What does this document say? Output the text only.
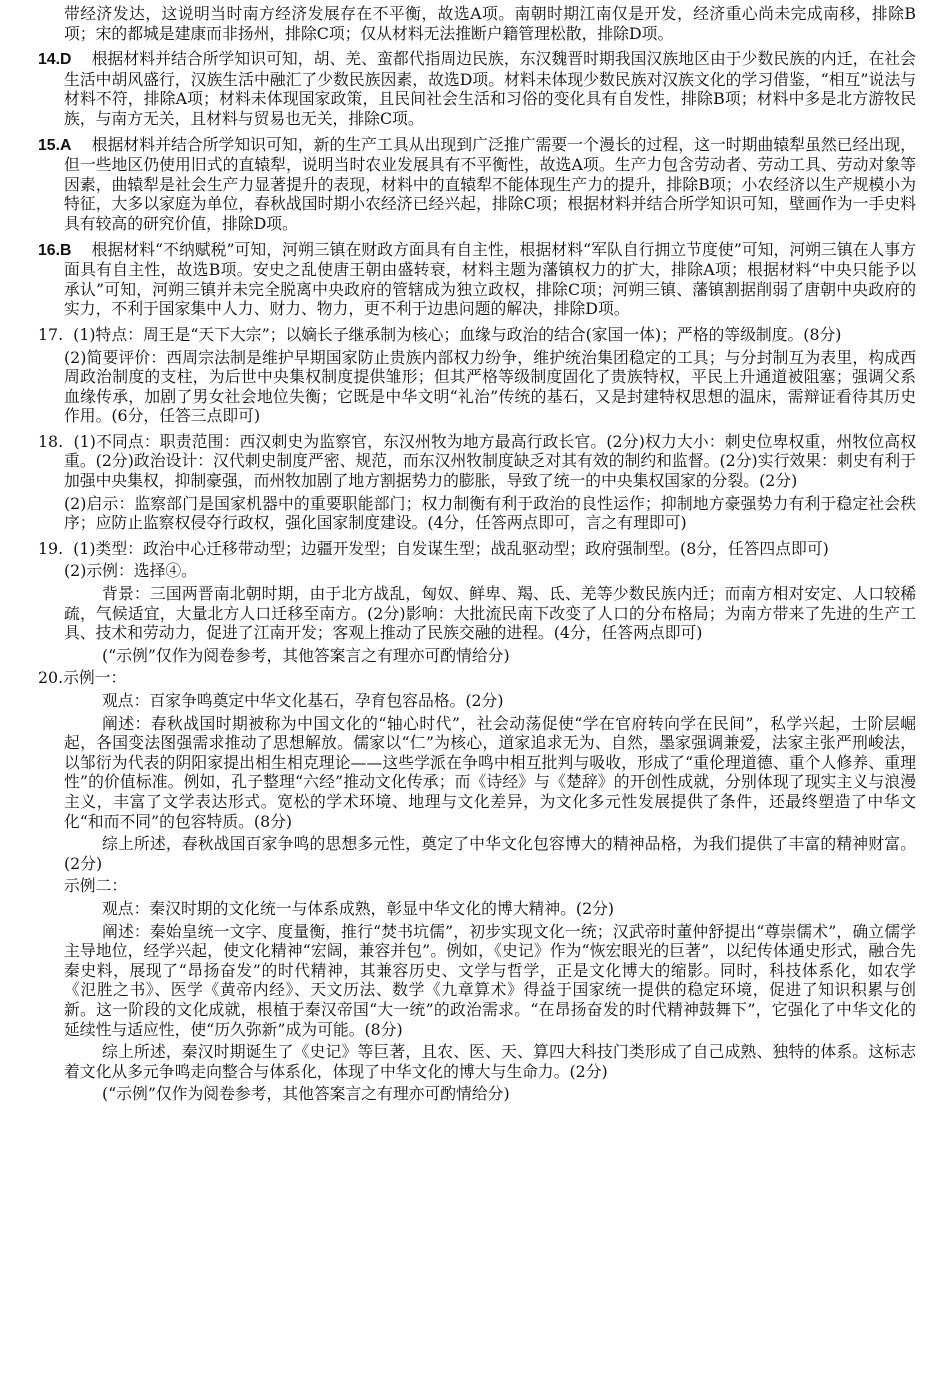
带经济发达，这说明当时南方经济发展存在不平衡，故选A项。南朝时期江南仅是开发，经济重心尚未完成南移，排除B项；宋的都城是建康而非扬州，排除C项；仅从材料无法推断户籍管理松散，排除D项。

14.D 根据材料并结合所学知识可知，胡、羌、蛮都代指周边民族，东汉魏晋时期我国汉族地区由于少数民族的内迁，在社会生活中胡风盛行，汉族生活中融汇了少数民族因素，故选D项。材料未体现少数民族对汉族文化的学习借鉴，“相互”说法与材料不符，排除A项；材料未体现国家政策，且民间社会生活和习俗的变化具有自发性，排除B项；材料中多是北方游牧民族，与南方无关，且材料与贸易也无关，排除C项。

15.A 根据材料并结合所学知识可知，新的生产工具从出现到广泛推广需要一个漫长的过程，这一时期曲辕犁虽然已经出现，但一些地区仍使用旧式的直辕犁，说明当时农业发展具有不平衡性，故选A项。生产力包含劳动者、劳动工具、劳动对象等因素，曲辕犁是社会生产力显著提升的表现，材料中的直辕犁不能体现生产力的提升，排除B项；小农经济以生产规模小为特征，大多以家庭为单位，春秋战国时期小农经济已经兴起，排除C项；根据材料并结合所学知识可知，壁画作为一手史料具有较高的研究价值，排除D项。

16.B 根据材料“不纳赋税”可知，河朔三镇在财政方面具有自主性，根据材料“军队自行拥立节度使”可知，河朔三镇在人事方面具有自主性，故选B项。安史之乱使唐王朝由盛转衰，材料主题为藩镇权力的扩大，排除A项；根据材料“中央只能予以承认”可知，河朔三镇并未完全脱离中央政府的管辖成为独立政权，排除C项；河朔三镇、藩镇割据削弱了唐朝中央政府的实力，不利于国家集中人力、财力、物力，更不利于边患问题的解决，排除D项。

17. (1)特点：周王是“天下大宗”；以嫡长子继承制为核心；血缘与政治的结合(家国一体)；严格的等级制度。(8分)

(2)简要评价：西周宗法制是维护早期国家防止贵族内部权力纷争，维护统治集团稳定的工具；与分封制互为表里，构成西周政治制度的支柱，为后世中央集权制度提供雏形；但其严格等级制度固化了贵族特权，平民上升通道被阻塞；强调父系血缘传承，加剧了男女社会地位失衡；它既是中华文明“礼治”传统的基石，又是封建特权思想的温床，需辩证看待其历史作用。(6分，任答三点即可)

18. (1)不同点：职责范围：西汉刺史为监察官，东汉州牧为地方最高行政长官。(2分)权力大小：刺史位卑权重，州牧位高权重。(2分)政治设计：汉代刺史制度严密、规范，而东汉州牧制度缺乏对其有效的制约和监督。(2分)实行效果：刺史有利于加强中央集权，抑制豪强，而州牧加剧了地方割据势力的膨胀，导致了统一的中央集权国家的分裂。(2分)

(2)启示：监察部门是国家机器中的重要职能部门；权力制衡有利于政治的良性运作；抑制地方豪强势力有利于稳定社会秩序；应防止监察权侵夺行政权，强化国家制度建设。(4分，任答两点即可，言之有理即可)

19. (1)类型：政治中心迁移带动型；边疆开发型；自发谋生型；战乱驱动型；政府强制型。(8分，任答四点即可)

(2)示例：选择④。

背景：三国两晋南北朝时期，由于北方战乱，匈奴、鲜卑、羯、氐、羌等少数民族内迁；而南方相对安定、人口较稀疏，气候适宜，大量北方人口迁移至南方。(2分)影响：大批流民南下改变了人口的分布格局；为南方带来了先进的生产工具、技术和劳动力，促进了江南开发；客观上推动了民族交融的进程。(4分，任答两点即可)

(“示例”仅作为阅卷参考，其他答案言之有理亦可酌情给分)

20.示例一：

观点：百家争鸣奠定中华文化基石，孕育包容品格。(2分)

阐述：春秋战国时期被称为中国文化的“轴心时代”，社会动荡促使“学在官府转向学在民间”，私学兴起，士阶层崛起，各国变法图强需求推动了思想解放。儒家以“仁”为核心，道家追求无为、自然，墨家强调兼爱，法家主张严刑峻法，以邹衍为代表的阴阳家提出相生相克理论——这些学派在争鸣中相互批判与吸收，形成了“重伦理道德、重个人修养、重理性”的价值标准。例如，孔子整理“六经”推动文化传承；而《诗经》与《楚辞》的开创性成就，分别体现了现实主义与浪漫主义，丰富了文学表达形式。宽松的学术环境、地理与文化差异，为文化多元性发展提供了条件，还最终塑造了中华文化“和而不同”的包容特质。(8分)

综上所述，春秋战国百家争鸣的思想多元性，奠定了中华文化包容博大的精神品格，为我们提供了丰富的精神财富。(2分)

示例二：

观点：秦汉时期的文化统一与体系成熟，彰显中华文化的博大精神。(2分)

阐述：秦始皇统一文字、度量衡，推行“焚书坑儒”，初步实现文化一统；汉武帝时董仲舒提出“尊崇儒术”，确立儒学主导地位，经学兴起，使文化精神“宏阔，兼容并包”。例如，《史记》作为“恢宏眼光的巨著”，以纪传体通史形式，融合先秦史料，展现了“昂扬奋发”的时代精神，其兼容历史、文学与哲学，正是文化博大的缩影。同时，科技体系化，如农学《氾胜之书》、医学《黄帝内经》、天文历法、数学《九章算术》得益于国家统一提供的稳定环境，促进了知识积累与创新。这一阶段的文化成就，根植于秦汉帝国“大一统”的政治需求。“在昂扬奋发的时代精神鼓舞下”，它强化了中华文化的延续性与适应性，使“历久弥新”成为可能。(8分)

综上所述，秦汉时期诞生了《史记》等巨著，且农、医、天、算四大科技门类形成了自己成熟、独特的体系。这标志着文化从多元争鸣走向整合与体系化，体现了中华文化的博大与生命力。(2分)

(“示例”仅作为阅卷参考，其他答案言之有理亦可酌情给分)
